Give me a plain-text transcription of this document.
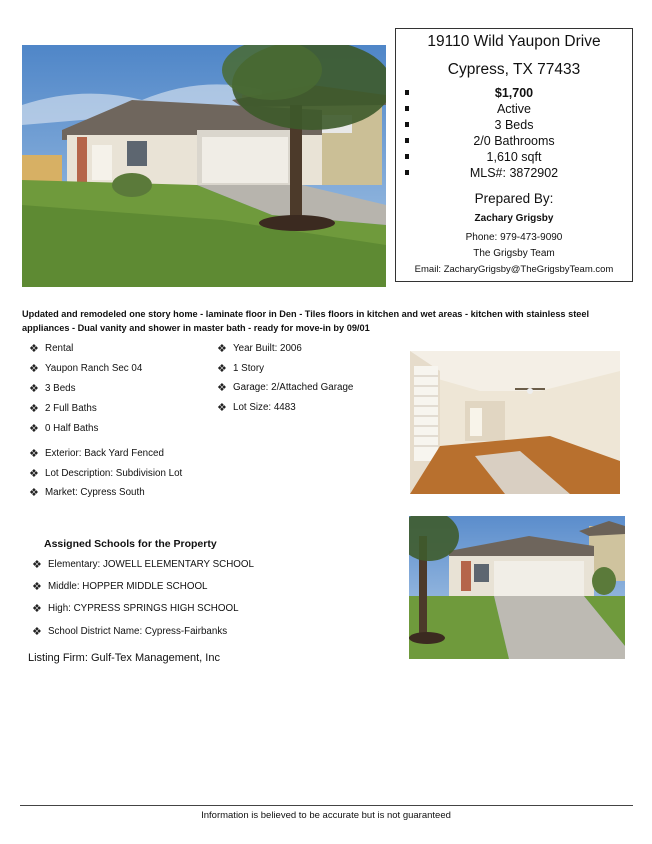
19110 Wild Yaupon Drive
Cypress, TX 77433
$1,700
Active
3 Beds
2/0 Bathrooms
1,610 sqft
MLS#: 3872902
Prepared By:
Zachary Grigsby
Phone: 979-473-9090
The Grigsby Team
Email: ZacharyGrigsby@TheGrigsbyTeam.com
Updated and remodeled one story home - laminate floor in Den - Tiles floors in kitchen and wet areas - kitchen with stainless steel appliances - Dual vanity and shower in master bath - ready for move-in by 09/01
❖ Rental
❖ Yaupon Ranch Sec 04
❖ 3 Beds
❖ 2 Full Baths
❖ 0 Half Baths
❖ Year Built: 2006
❖ 1 Story
❖ Garage: 2/Attached Garage
❖ Lot Size: 4483
❖ Exterior: Back Yard Fenced
❖ Lot Description: Subdivision Lot
❖ Market: Cypress South
Assigned Schools for the Property
❖ Elementary: JOWELL ELEMENTARY SCHOOL
❖ Middle: HOPPER MIDDLE SCHOOL
❖ High: CYPRESS SPRINGS HIGH SCHOOL
❖ School District Name: Cypress-Fairbanks
Listing Firm: Gulf-Tex Management, Inc
Information is believed to be accurate but is not guaranteed
